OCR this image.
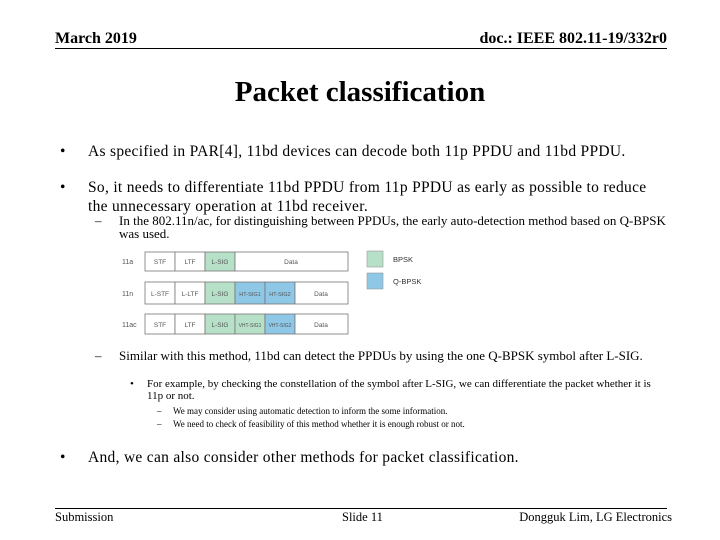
March 2019	doc.: IEEE 802.11-19/332r0
Packet classification
• As specified in PAR[4], 11bd devices can decode both 11p PPDU and 11bd PPDU.
• So, it needs to differentiate 11bd PPDU from 11p PPDU as early as possible to reduce the unnecessary operation at 11bd receiver.
– In the 802.11n/ac, for distinguishing between PPDUs, the early auto-detection method based on Q-BPSK was used.
11a	STF	LTF L-SIG	Data
11n	L-STF L-LTF L-SIG HT-SIG1 HT-SIG2	Data
11ac	STF	LTF L-SIG VHT-SIG1 VHT-SIG2	Data
BPSK
Q-BPSK
– Similar with this method, 11bd can detect the PPDUs by using the one Q-BPSK symbol after L-SIG.
• For example, by checking the constellation of the symbol after L-SIG, we can differentiate the packet whether it is 11p or not.
– We may consider using automatic detection to inform the some information.
– We need to check of feasibility of this method whether it is enough robust or not.
• And, we can also consider other methods for packet classification.
Submission	Slide 11	Dongguk Lim, LG Electronics
